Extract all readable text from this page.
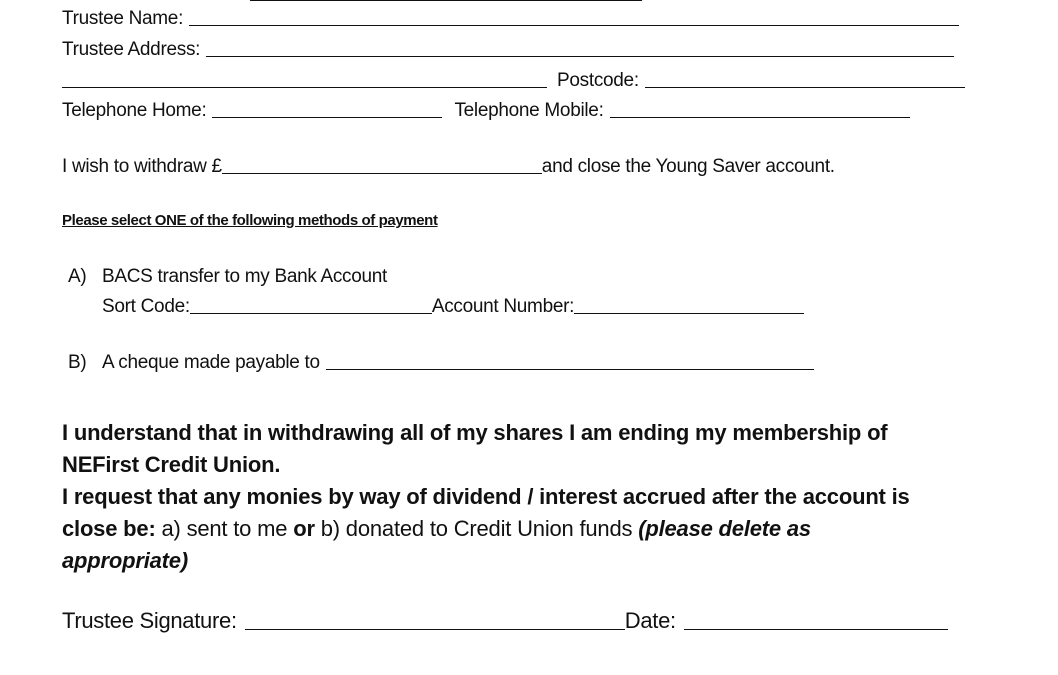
Trustee Name:
Trustee Address:
Postcode:
Telephone Home:	Telephone Mobile:
I wish to withdraw £	and close the Young Saver account.
Please select ONE of the following methods of payment
A) BACS transfer to my Bank Account
Sort Code:	Account Number:
B) A cheque made payable to
I understand that in withdrawing all of my shares I am ending my membership of
NEFirst Credit Union.
I request that any monies by way of dividend / interest accrued after the account is
close be: a) sent to me or b) donated to Credit Union funds (please delete as
appropriate)
Trustee Signature:	Date:
